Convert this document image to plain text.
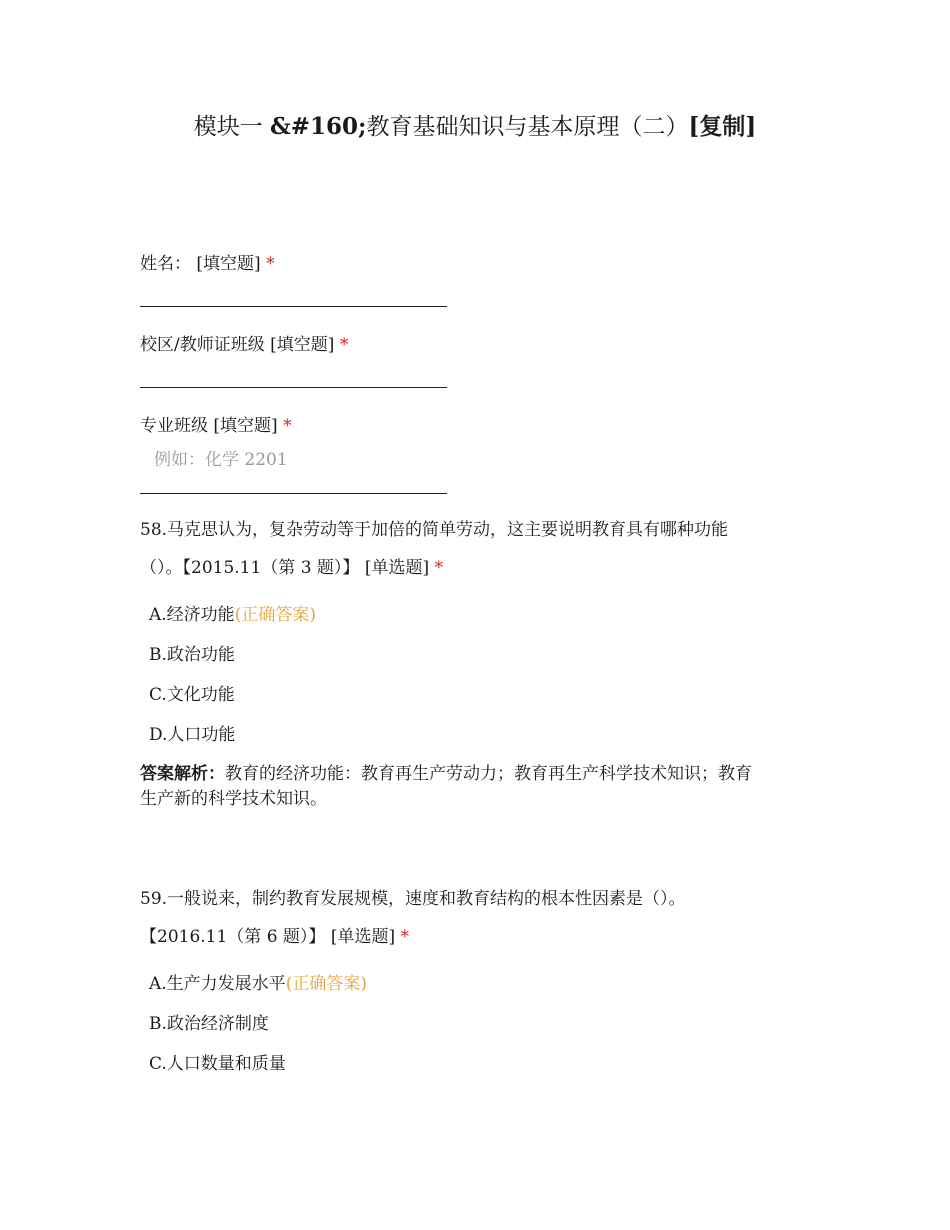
模块一 &#160;教育基础知识与基本原理（二）[复制]
姓名： [填空题] *
校区/教师证班级 [填空题] *
专业班级 [填空题] *
例如：化学 2201
58.马克思认为，复杂劳动等于加倍的简单劳动，这主要说明教育具有哪种功能
（）。【2015.11（第 3 题）】 [单选题] *
A.经济功能(正确答案)
B.政治功能
C.文化功能
D.人口功能
答案解析：教育的经济功能：教育再生产劳动力；教育再生产科学技术知识；教育
生产新的科学技术知识。
59.一般说来，制约教育发展规模，速度和教育结构的根本性因素是（）。
【2016.11（第 6 题）】 [单选题] *
A.生产力发展水平(正确答案)
B.政治经济制度
C.人口数量和质量
